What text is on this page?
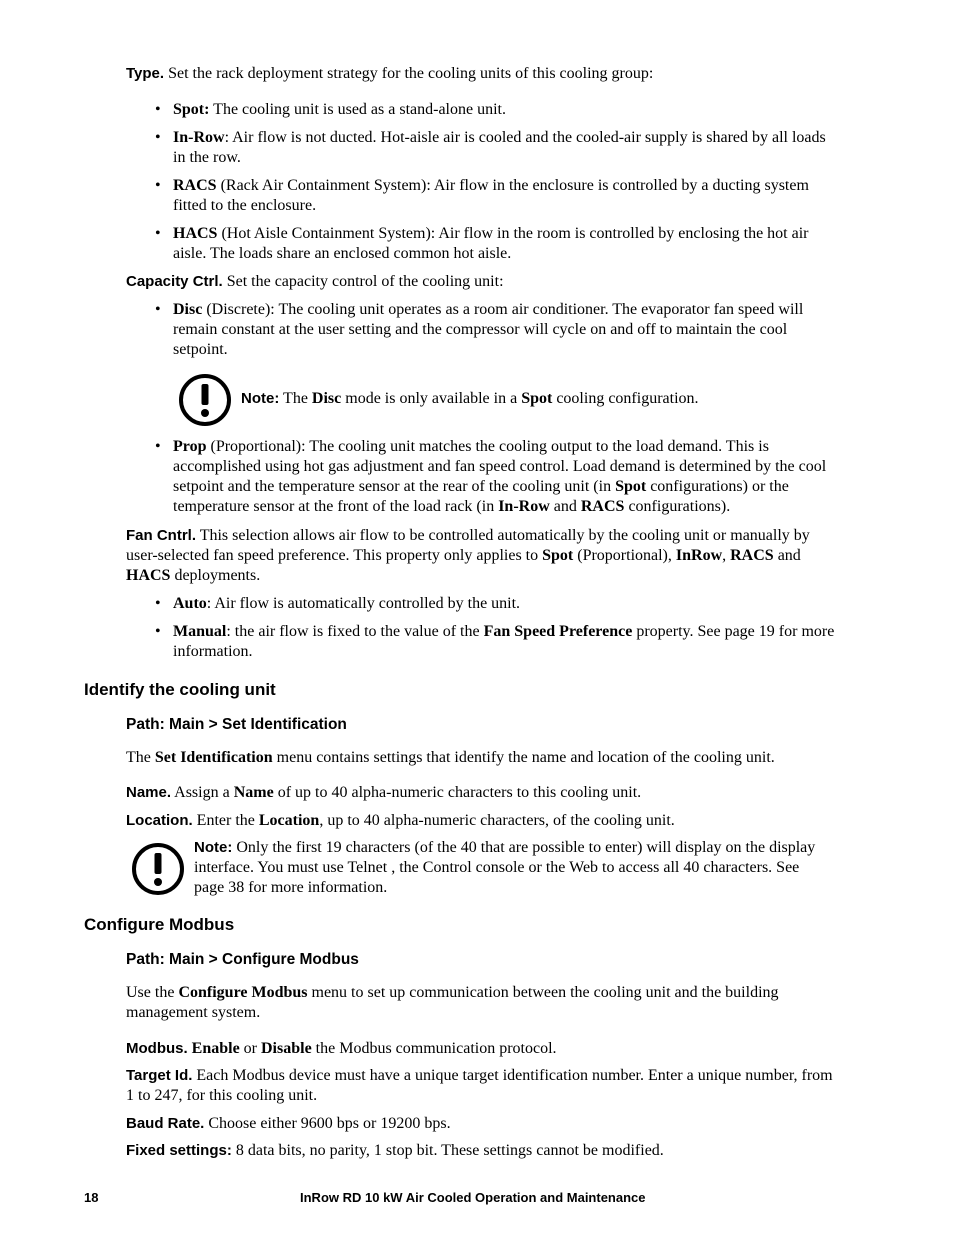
Type. Set the rack deployment strategy for the cooling units of this cooling group:

• Spot: The cooling unit is used as a stand-alone unit.

• In-Row: Air flow is not ducted. Hot-aisle air is cooled and the cooled-air supply is shared by all loads in the row.

• RACS (Rack Air Containment System): Air flow in the enclosure is controlled by a ducting system fitted to the enclosure.

• HACS (Hot Aisle Containment System): Air flow in the room is controlled by enclosing the hot air aisle. The loads share an enclosed common hot aisle.

Capacity Ctrl. Set the capacity control of the cooling unit:

• Disc (Discrete): The cooling unit operates as a room air conditioner. The evaporator fan speed will remain constant at the user setting and the compressor will cycle on and off to maintain the cool setpoint.

Note: The Disc mode is only available in a Spot cooling configuration.

• Prop (Proportional): The cooling unit matches the cooling output to the load demand. This is accomplished using hot gas adjustment and fan speed control. Load demand is determined by the cool setpoint and the temperature sensor at the rear of the cooling unit (in Spot configurations) or the temperature sensor at the front of the load rack (in In-Row and RACS configurations).

Fan Cntrl. This selection allows air flow to be controlled automatically by the cooling unit or manually by user-selected fan speed preference. This property only applies to Spot (Proportional), InRow, RACS and HACS deployments.

• Auto: Air flow is automatically controlled by the unit.

• Manual: the air flow is fixed to the value of the Fan Speed Preference property. See page 19 for more information.

Identify the cooling unit
Path: Main > Set Identification

The Set Identification menu contains settings that identify the name and location of the cooling unit.

Name. Assign a Name of up to 40 alpha-numeric characters to this cooling unit.

Location. Enter the Location, up to 40 alpha-numeric characters, of the cooling unit.

Note: Only the first 19 characters (of the 40 that are possible to enter) will display on the display interface. You must use Telnet , the Control console or the Web to access all 40 characters. See page 38 for more information.

Configure Modbus
Path: Main > Configure Modbus

Use the Configure Modbus menu to set up communication between the cooling unit and the building management system.

Modbus. Enable or Disable the Modbus communication protocol.

Target Id. Each Modbus device must have a unique target identification number. Enter a unique number, from 1 to 247, for this cooling unit.

Baud Rate. Choose either 9600 bps or 19200 bps.

Fixed settings: 8 data bits, no parity, 1 stop bit. These settings cannot be modified.

18	InRow RD 10 kW Air Cooled Operation and Maintenance
